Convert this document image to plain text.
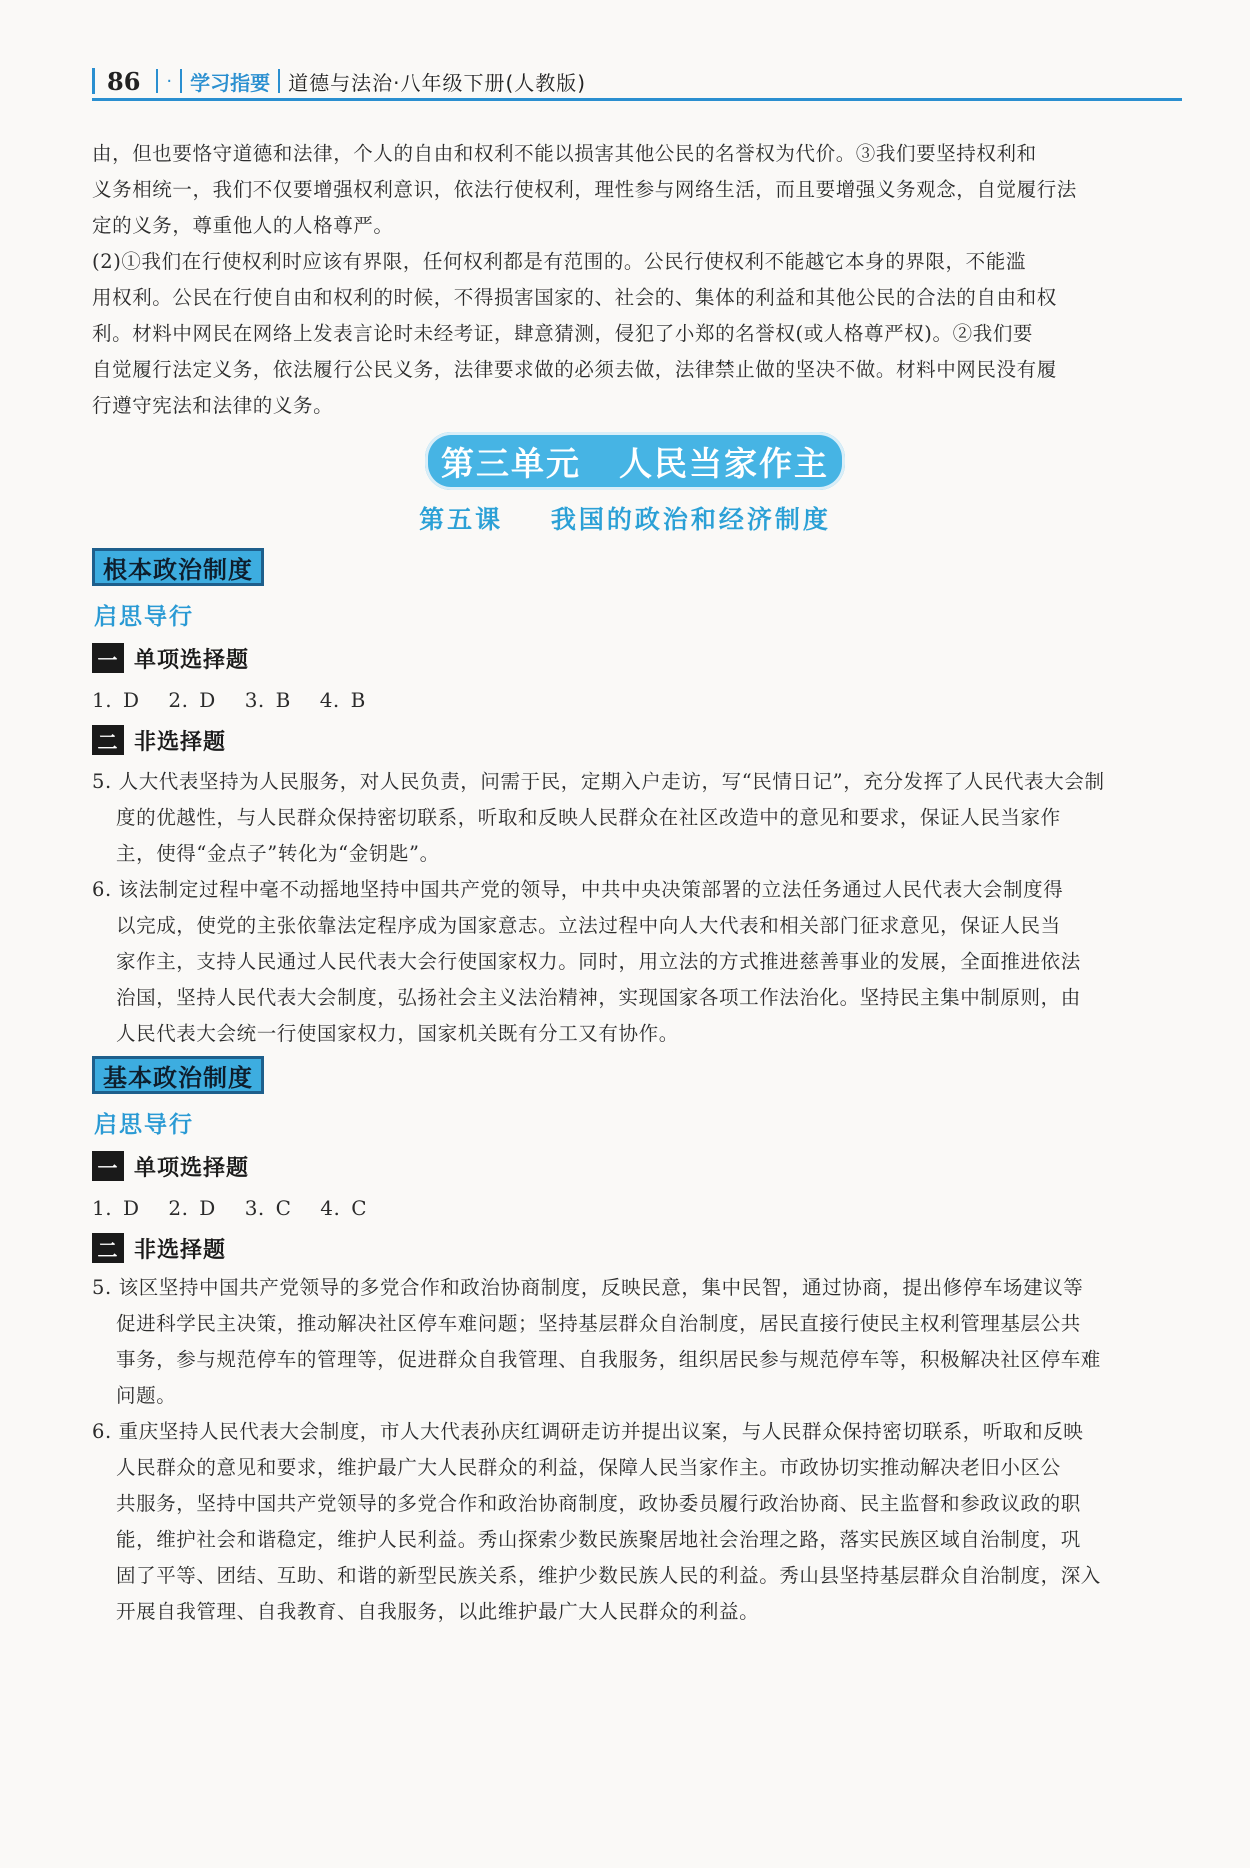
86 · 学习指要 道德与法治·八年级下册(人教版)
由，但也要恪守道德和法律，个人的自由和权利不能以损害其他公民的名誉权为代价。③我们要坚持权利和
义务相统一，我们不仅要增强权利意识，依法行使权利，理性参与网络生活，而且要增强义务观念，自觉履行法
定的义务，尊重他人的人格尊严。
(2)①我们在行使权利时应该有界限，任何权利都是有范围的。公民行使权利不能越它本身的界限，不能滥
用权利。公民在行使自由和权利的时候，不得损害国家的、社会的、集体的利益和其他公民的合法的自由和权
利。材料中网民在网络上发表言论时未经考证，肆意猜测，侵犯了小郑的名誉权(或人格尊严权)。②我们要
自觉履行法定义务，依法履行公民义务，法律要求做的必须去做，法律禁止做的坚决不做。材料中网民没有履
行遵守宪法和法律的义务。
第三单元 人民当家作主
第五课 我国的政治和经济制度
根本政治制度
启思导行
一 单项选择题
1. D 2. D 3. B 4. B
二 非选择题
5. 人大代表坚持为人民服务，对人民负责，问需于民，定期入户走访，写“民情日记”，充分发挥了人民代表大会制
度的优越性，与人民群众保持密切联系，听取和反映人民群众在社区改造中的意见和要求，保证人民当家作
主，使得“金点子”转化为“金钥匙”。
6. 该法制定过程中毫不动摇地坚持中国共产党的领导，中共中央决策部署的立法任务通过人民代表大会制度得
以完成，使党的主张依靠法定程序成为国家意志。立法过程中向人大代表和相关部门征求意见，保证人民当
家作主，支持人民通过人民代表大会行使国家权力。同时，用立法的方式推进慈善事业的发展，全面推进依法
治国，坚持人民代表大会制度，弘扬社会主义法治精神，实现国家各项工作法治化。坚持民主集中制原则，由
人民代表大会统一行使国家权力，国家机关既有分工又有协作。
基本政治制度
启思导行
一 单项选择题
1. D 2. D 3. C 4. C
二 非选择题
5. 该区坚持中国共产党领导的多党合作和政治协商制度，反映民意，集中民智，通过协商，提出修停车场建议等
促进科学民主决策，推动解决社区停车难问题；坚持基层群众自治制度，居民直接行使民主权利管理基层公共
事务，参与规范停车的管理等，促进群众自我管理、自我服务，组织居民参与规范停车等，积极解决社区停车难
问题。
6. 重庆坚持人民代表大会制度，市人大代表孙庆红调研走访并提出议案，与人民群众保持密切联系，听取和反映
人民群众的意见和要求，维护最广大人民群众的利益，保障人民当家作主。市政协切实推动解决老旧小区公
共服务，坚持中国共产党领导的多党合作和政治协商制度，政协委员履行政治协商、民主监督和参政议政的职
能，维护社会和谐稳定，维护人民利益。秀山探索少数民族聚居地社会治理之路，落实民族区域自治制度，巩
固了平等、团结、互助、和谐的新型民族关系，维护少数民族人民的利益。秀山县坚持基层群众自治制度，深入
开展自我管理、自我教育、自我服务，以此维护最广大人民群众的利益。
